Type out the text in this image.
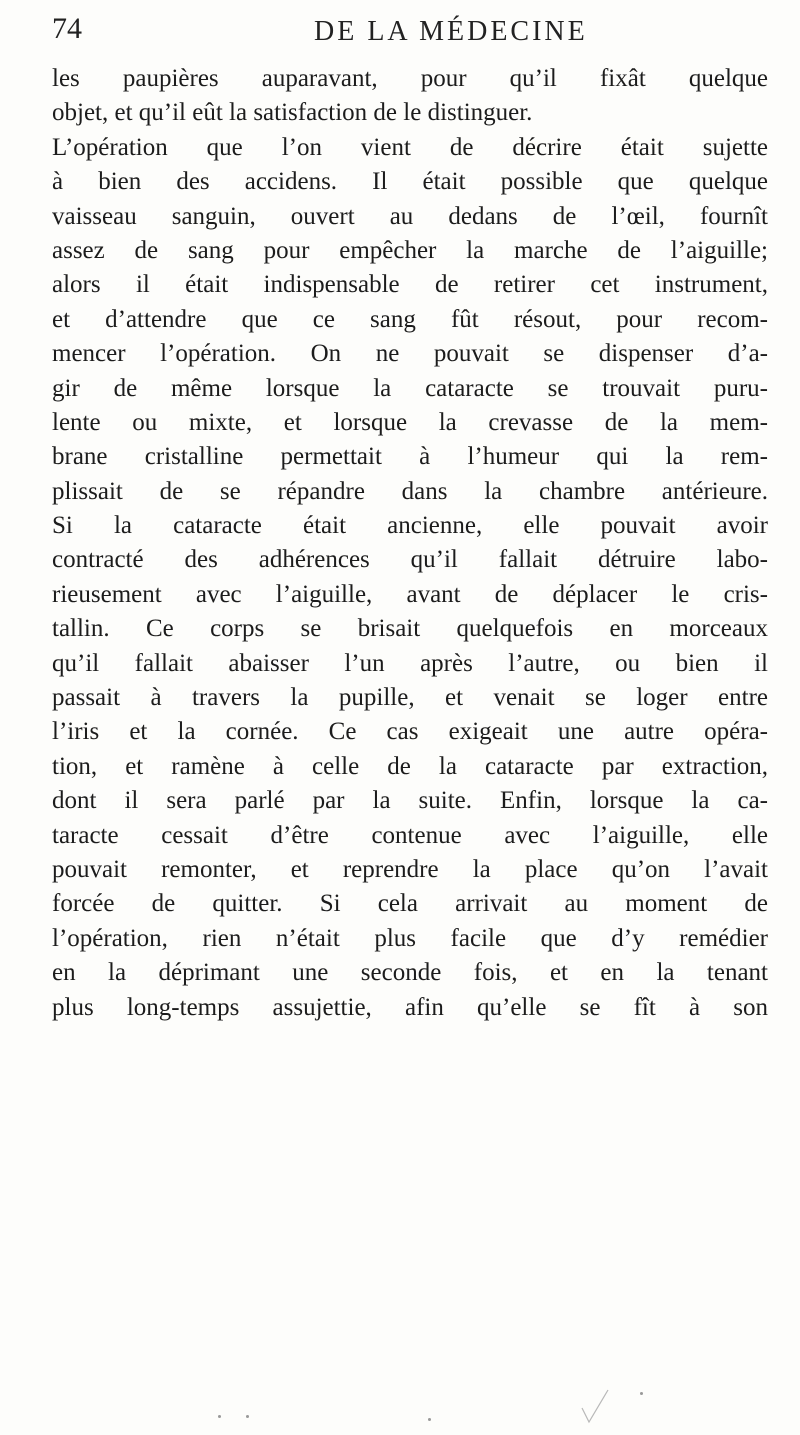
74	DE LA MÉDECINE
les paupières auparavant, pour qu’il fixât quelque
objet, et qu’il eût la satisfaction de le distinguer.
L’opération que l’on vient de décrire était sujette
à bien des accidens. Il était possible que quelque
vaisseau sanguin, ouvert au dedans de l’œil, fournît
assez de sang pour empêcher la marche de l’aiguille;
alors il était indispensable de retirer cet instrument,
et d’attendre que ce sang fût résout, pour recom-
mencer l’opération. On ne pouvait se dispenser d’a-
gir de même lorsque la cataracte se trouvait puru-
lente ou mixte, et lorsque la crevasse de la mem-
brane cristalline permettait à l’humeur qui la rem-
plissait de se répandre dans la chambre antérieure.
Si la cataracte était ancienne, elle pouvait avoir
contracté des adhérences qu’il fallait détruire labo-
rieusement avec l’aiguille, avant de déplacer le cris-
tallin. Ce corps se brisait quelquefois en morceaux
qu’il fallait abaisser l’un après l’autre, ou bien il
passait à travers la pupille, et venait se loger entre
l’iris et la cornée. Ce cas exigeait une autre opéra-
tion, et ramène à celle de la cataracte par extraction,
dont il sera parlé par la suite. Enfin, lorsque la ca-
taracte cessait d’être contenue avec l’aiguille, elle
pouvait remonter, et reprendre la place qu’on l’avait
forcée de quitter. Si cela arrivait au moment de
l’opération, rien n’était plus facile que d’y remédier
en la déprimant une seconde fois, et en la tenant
plus long-temps assujettie, afin qu’elle se fît à son
